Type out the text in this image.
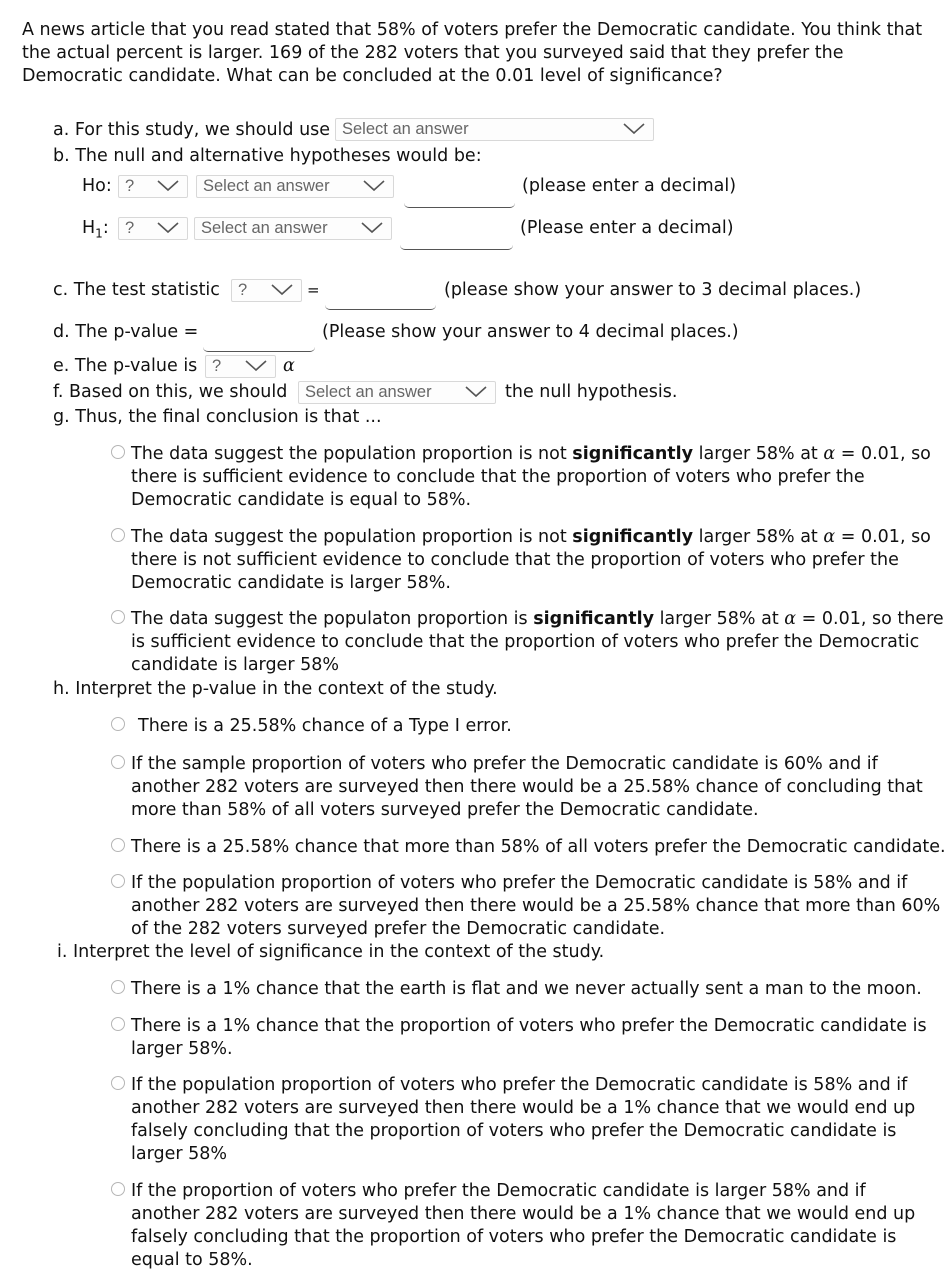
A news article that you read stated that 58% of voters prefer the Democratic candidate. You think that
the actual percent is larger. 169 of the 282 voters that you surveyed said that they prefer the
Democratic candidate. What can be concluded at the 0.01 level of significance?
a. For this study, we should use Select an answer
b. The null and alternative hypotheses would be:
Ho: ?	Select an answer	(please enter a decimal)
$H_1$: ?	Select an answer	(Please enter a decimal)
c. The test statistic	?	=	(please show your answer to 3 decimal places.)
d. The p-value =	(Please show your answer to 4 decimal places.)
e. The p-value is ?	α
f. Based on this, we should	Select an answer	the null hypothesis.
g. Thus, the final conclusion is that ...
The data suggest the population proportion is not significantly larger 58% at α = 0.01, so
there is sufficient evidence to conclude that the proportion of voters who prefer the
Democratic candidate is equal to 58%.
The data suggest the population proportion is not significantly larger 58% at α = 0.01, so
there is not sufficient evidence to conclude that the proportion of voters who prefer the
Democratic candidate is larger 58%.
The data suggest the populaton proportion is significantly larger 58% at α = 0.01, so there
is sufficient evidence to conclude that the proportion of voters who prefer the Democratic
candidate is larger 58%
h. Interpret the p-value in the context of the study.
There is a 25.58% chance of a Type I error.
If the sample proportion of voters who prefer the Democratic candidate is 60% and if
another 282 voters are surveyed then there would be a 25.58% chance of concluding that
more than 58% of all voters surveyed prefer the Democratic candidate.
There is a 25.58% chance that more than 58% of all voters prefer the Democratic candidate.
If the population proportion of voters who prefer the Democratic candidate is 58% and if
another 282 voters are surveyed then there would be a 25.58% chance that more than 60%
of the 282 voters surveyed prefer the Democratic candidate.
i. Interpret the level of significance in the context of the study.
There is a 1% chance that the earth is flat and we never actually sent a man to the moon.
There is a 1% chance that the proportion of voters who prefer the Democratic candidate is
larger 58%.
If the population proportion of voters who prefer the Democratic candidate is 58% and if
another 282 voters are surveyed then there would be a 1% chance that we would end up
falsely concluding that the proportion of voters who prefer the Democratic candidate is
larger 58%
If the proportion of voters who prefer the Democratic candidate is larger 58% and if
another 282 voters are surveyed then there would be a 1% chance that we would end up
falsely concluding that the proportion of voters who prefer the Democratic candidate is
equal to 58%.
